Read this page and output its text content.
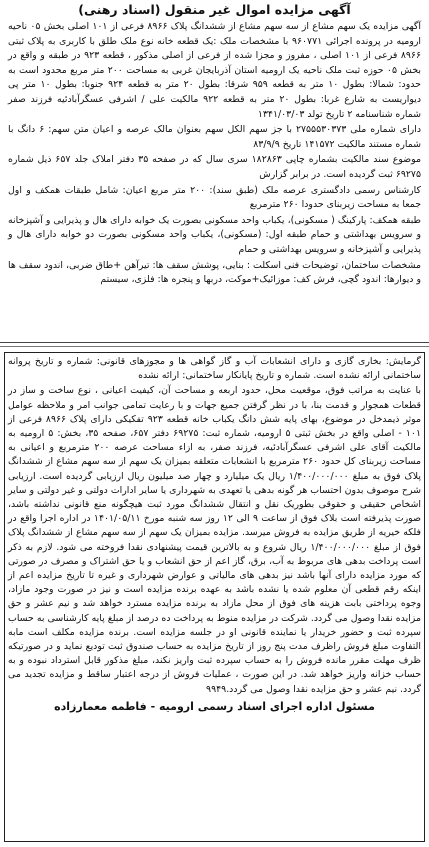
آگهی مزایده اموال غیر منقول (اسناد رهنی)

آگهی مزایده یک سهم مشاع از سه سهم مشاع از ششدانگ پلاک ۸۹۶۶ فرعی از ۱۰۱ اصلی بخش ۰۵ ناحیه ارومیه در پرونده اجرائی ۹۶۰۷۷۱ با مشخصات ملک :یک قطعه خانه نوع ملک طلق با کاربری به پلاک ثبتی ۸۹۶۶ فرعی از ۱۰۱ اصلی ، مفروز و مجزا شده از فرعی از اصلی مذکور ، قطعه ۹۲۳ در طبقه و واقع در بخش ۰۵ حوزه ثبت ملک ناحیه یک ارومیه استان آذربایجان غربی به مساحت ۲۰۰ متر مربع محدود است به حدود: شمالا: بطول ۱۰ متر به قطعه ۹۵۹ شرقا: بطول ۲۰ متر به قطعه ۹۲۴ جنوبا: بطول ۱۰ متر پی دیواریست به شارع غربا: بطول ۲۰ متر به قطعه ۹۲۲ مالکیت علی / اشرفی عسگرآبادئیه فرزند صفر شماره شناسنامه ۲ تاریخ تولد ۱۳۴۱/۰۳/۰۳

دارای شماره ملی ۲۷۵۵۵۳۰۳۷۳ با جز سهم الکل سهم بعنوان مالک عرصه و اعیان متن سهم: ۶ دانگ با شماره مستند مالکیت ۱۴۱۵۷۲ تاریخ ۸۳/۹/۹

موضوع سند مالکیت بشماره چاپی ۱۸۲۸۶۳ سری سال که در صفحه ۳۵ دفتر املاک جلد ۶۵۷ ذیل شماره ۶۹۲۷۵ ثبت گردیده است. در برابر گزارش

کارشناس رسمی دادگستری عرصه ملک (طبق سند): ۲۰۰ متر مربع اعیان: شامل طبقات همکف و اول جمعا به مساحت زیربنای حدودا ۲۶۰ مترمربع

طبقه همکف: پارکینگ ( مسکونی)، یکباب واحد مسکونی بصورت یک خوابه دارای هال و پذیرایی و آشپزخانه و سرویس بهداشتی و حمام طبقه اول: (مسکونی)، یکباب واحد مسکونی بصورت دو خوابه دارای هال و پذیرایی و آشپزخانه و سرویس بهداشتی و حمام

مشخصات ساختمان، توضیحات فنی اسکلت : بنایی، پوشش سقف ها: تیرآهن +طاق ضربی، اندود سقف ها و دیوارها: اندود گچی، فرش کف: موزائیک+موکت، دربها و پنجره ها: فلزی، سیستم

گرمایش: بخاری گازی و دارای انشعابات آب و گاز گواهی ها و مجوزهای قانونی: شماره و تاریخ پروانه ساختمانی ارائه نشده است. شماره و تاریخ پایانکار ساختمانی: ارائه نشده

با عنایت به مراتب فوق، موقعیت محل، حدود اربعه و مساحت آن، کیفیت اعیانی ، نوع ساخت و ساز در قطعات همجوار و قدمت بنا، با در نظر گرفتن جمیع جهات و با رعایت تمامی جوانب امر و ملاحظه عوامل موثر ذیمدخل در موضوع، بهای پایه شش دانگ یکباب خانه قطعه ۹۲۳ تفکیکی دارای پلاک ۸۹۶۶ فرعی از ۱۰۱ - اصلی واقع در بخش ثبتی ۵ ارومیه، شماره ثبت: ۶۹۲۷۵ دفتر ۶۵۷، صفحه ۳۵، بخش: ۵ ارومیه به مالکیت آقای علی اشرفی عسگرآبادئیه، فرزند صفر، به ازاء مساحت عرصه ۲۰۰ مترمربع و اعیانی به مساحت زیربنای کل حدود ۲۶۰ مترمربع با انشعابات متعلقه بمیزان یک سهم از سه سهم مشاع از ششدانگ پلاک فوق به مبلغ ۱/۴۰۰/۰۰۰/۰۰۰ ریال یک میلیارد و چهار صد میلیون ریال ارزیابی گردیده است. ارزیابی شرح موصوف بدون احتساب هر گونه بدهی یا تعهدی به شهرداری یا سایر ادارات دولتی و غیر دولتی و سایر اشخاص حقیقی و حقوقی بطوریک نقل و انتقال ششدانگ مورد ثبت هیچگونه منع قانونی نداشته باشد، صورت پذیرفته است بلاک فوق از ساعت ۹ الی ۱۲ روز سه شنبه مورخ ۱۴۰۱/۰۵/۱۱ در اداره اجرا واقع در فلکه خیریه از طریق مزایده به فروش میرسد. مزایده بمیزان یک سهم از سه سهم مشاع از ششدانگ پلاک فوق از مبلغ ۱/۴۰۰/۰۰۰/۰۰۰ ریال شروع و به بالاترین قیمت پیشنهادی نقدا فروخته می شود. لازم به ذکر است پرداخت بدهی های مربوط به آب، برق، گاز اعم از حق انشعاب و یا حق اشتراک و مصرف در صورتی که مورد مزایده دارای آنها باشد نیز بدهی های مالیاتی و عوارض شهرداری و غیره تا تاریخ مزایده اعم از اینکه رقم قطعی آن معلوم شده یا نشده باشد به عهده برنده مزایده است و نیز در صورت وجود مازاد، وجوه پرداختی بابت هزینه های فوق از محل مازاد به برنده مزایده مسترد خواهد شد و نیم عشر و حق مزایده نقدا وصول می گردد. شرکت در مزایده منوط به پرداخت ده درصد از مبلغ پایه کارشناسی به حساب سپرده ثبت و حضور خریدار یا نماینده قانونی او در جلسه مزایده است. برنده مزایده مکلف است مابه التفاوت مبلغ فروش راظرف مدت پنج روز از تاریخ مزایده به حساب صندوق ثبت تودیع نماید و در صورتیکه ظرف مهلت مقرر مانده فروش را به حساب سپرده ثبت واریز نکند، مبلغ مذکور قابل استرداد نبوده و به حساب خزانه واریز خواهد شد. در این صورت ، عملیات فروش از درجه اعتبار ساقط و مزایده تجدید می گردد. نیم عشر و حق مزایده نقدا وصول می گردد.۹۹۴۹

مسئول اداره اجرای اسناد رسمی ارومیه - فاطمه معمارزاده
